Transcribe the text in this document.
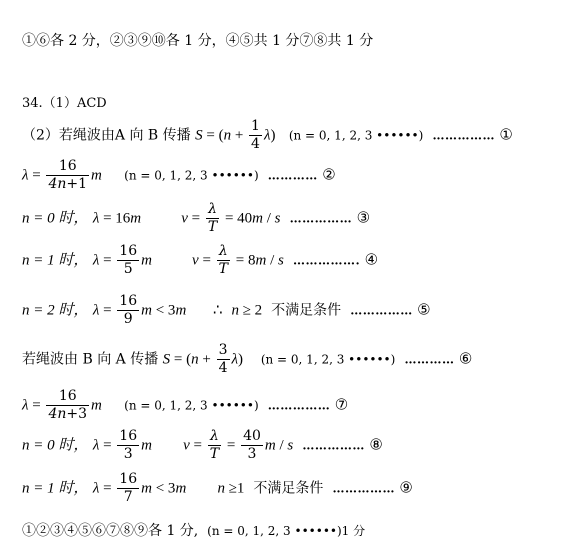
①⑥各 2 分，②③⑨⑩各 1 分，④⑤共 1 分⑦⑧共 1 分
34.（1）ACD
（2）若绳波由A 向 B 传播 $S = (n + \frac{1}{4} \lambda)$ (n = 0, 1, 2, 3 ••••••)  …………… ①
$\lambda = \frac{16}{4n+1}$ m (n = 0, 1, 2, 3 ••••••)  ………… ②
n = 0 时， λ = 16m	$v = \frac{\lambda}{T} = 40m / s$  …………… ③
n = 1 时， $\lambda = \frac{16}{5}$ m	$v = \frac{\lambda}{T} = 8m / s$  ……………. ④
n = 2 时， $\lambda = \frac{16}{9}$ m < 3m ∴ n ≥ 2 不满足条件  …………… ⑤
若绳波由 B 向 A 传播 $S = (n + \frac{3}{4} \lambda)$ (n = 0, 1, 2, 3 ••••••)  ………… ⑥
$\lambda = \frac{16}{4n+3}$ m (n = 0, 1, 2, 3 ••••••)  …………… ⑦
n = 0 时， $\lambda = \frac{16}{3}$ m $v = \frac{\lambda}{T} = \frac{40}{3}$ m / s  …………… ⑧
n = 1 时， $\lambda = \frac{16}{7}$ m < 3m n ≥1 不满足条件  …………… ⑨
①②③④⑤⑥⑦⑧⑨各 1 分, (n = 0, 1, 2, 3 ••••••)1 分
